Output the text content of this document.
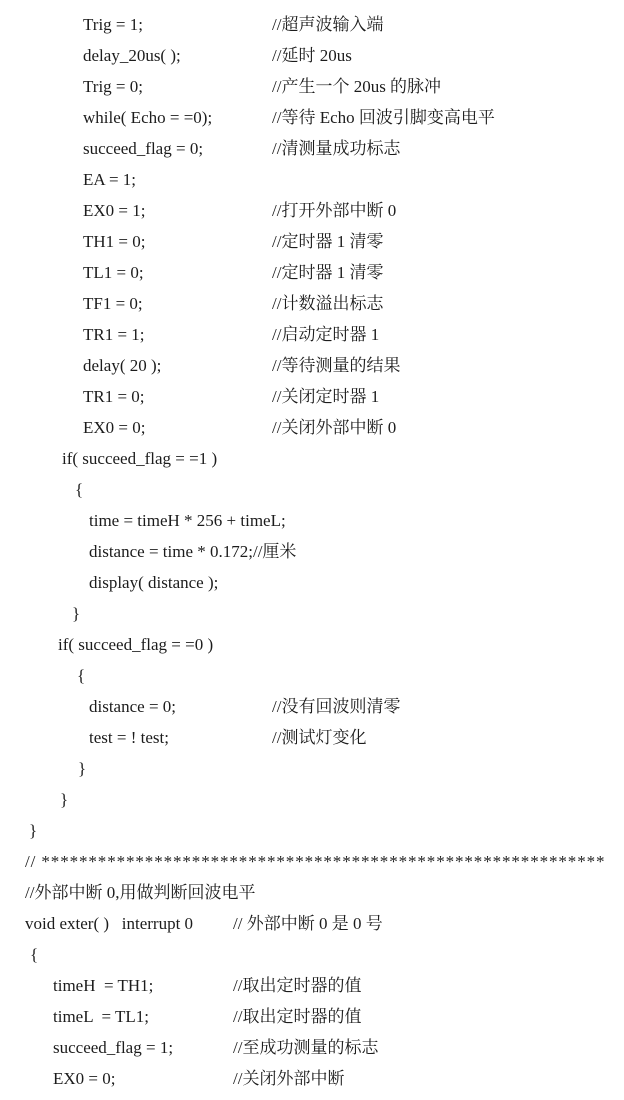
Trig = 1;	//超声波输入端
delay_20us( );	//延时 20us
Trig = 0;	//产生一个 20us 的脉冲
while( Echo = =0);	//等待 Echo 回波引脚变高电平
succeed_flag = 0;	//清测量成功标志
EA = 1;
EX0 = 1;	//打开外部中断 0
TH1 = 0;	//定时器 1 清零
TL1 = 0;	//定时器 1 清零
TF1 = 0;	//计数溢出标志
TR1 = 1;	//启动定时器 1
delay( 20 );	//等待测量的结果
TR1 = 0;	//关闭定时器 1
EX0 = 0;	//关闭外部中断 0
if( succeed_flag = =1 )
{
time = timeH * 256 + timeL;
distance = time * 0.172;//厘米
display( distance );
}
if( succeed_flag = =0 )
{
distance = 0;	//没有回波则清零
test = ! test;	//测试灯变化
}
}
}
// ************************************************************
//外部中断 0,用做判断回波电平
void exter( )   interrupt 0 // 外部中断 0 是 0 号
{
timeH  = TH1;	//取出定时器的值
timeL  = TL1;	//取出定时器的值
succeed_flag = 1;	//至成功测量的标志
EX0 = 0;	//关闭外部中断
